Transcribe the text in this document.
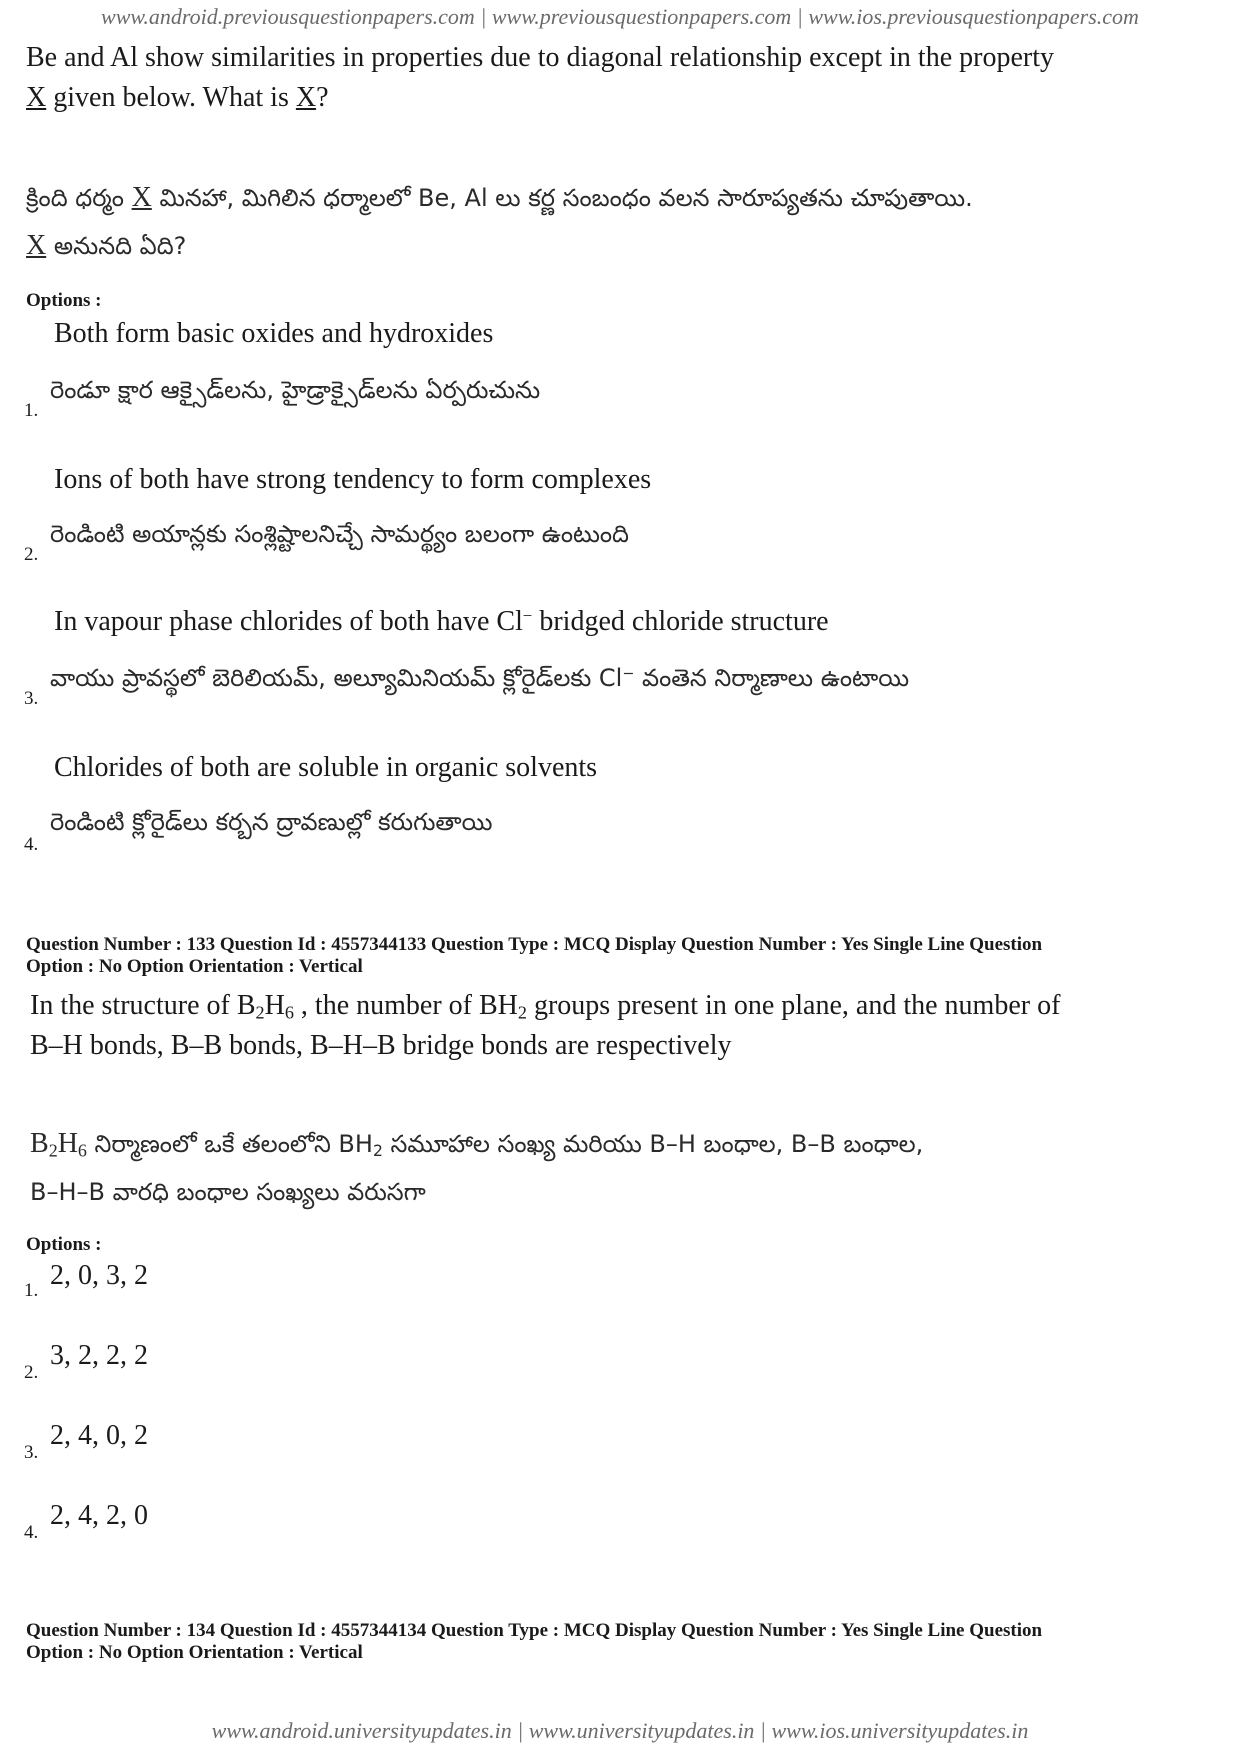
www.android.previousquestionpapers.com | www.previousquestionpapers.com | www.ios.previousquestionpapers.com
Be and Al show similarities in properties due to diagonal relationship except in the property
X given below. What is X?
క్రింది ధర్మం X మినహా, మిగిలిన ధర్మాలలో Be, Al లు కర్ణ సంబంధం వలన సారూప్యతను చూపుతాయి.
X అనునది ఏది?
Options :
Both form basic oxides and hydroxides
1.
రెండూ క్షార ఆక్సైడ్‌లను, హైడ్రాక్సైడ్‌లను ఏర్పరుచును
Ions of both have strong tendency to form complexes
2.
రెండింటి అయాన్లకు సంశ్లిష్టాలనిచ్చే సామర్థ్యం బలంగా ఉంటుంది
In vapour phase chlorides of both have Cl− bridged chloride structure
3.
వాయు ప్రావస్థలో బెరిలియమ్, అల్యూమినియమ్ క్లోరైడ్‌లకు Cl− వంతెన నిర్మాణాలు ఉంటాయి
Chlorides of both are soluble in organic solvents
4.
రెండింటి క్లోరైడ్‌లు కర్బన ద్రావణుల్లో కరుగుతాయి
Question Number : 133 Question Id : 4557344133 Question Type : MCQ Display Question Number : Yes Single Line Question
Option : No Option Orientation : Vertical
In the structure of $B_2H_6$ , the number of $BH_2$ groups present in one plane, and the number of
B–H bonds, B–B bonds, B–H–B bridge bonds are respectively
$B_2H_6$ నిర్మాణంలో ఒకే తలంలోని $BH_2$ సమూహాల సంఖ్య మరియు B–H బంధాల, B–B బంధాల,
B–H–B వారధి బంధాల సంఖ్యలు వరుసగా
Options :
1. 2, 0, 3, 2
2.
3, 2, 2, 2
3.
2, 4, 0, 2
4.
2, 4, 2, 0
Question Number : 134 Question Id : 4557344134 Question Type : MCQ Display Question Number : Yes Single Line Question
Option : No Option Orientation : Vertical
www.android.universityupdates.in | www.universityupdates.in | www.ios.universityupdates.in
